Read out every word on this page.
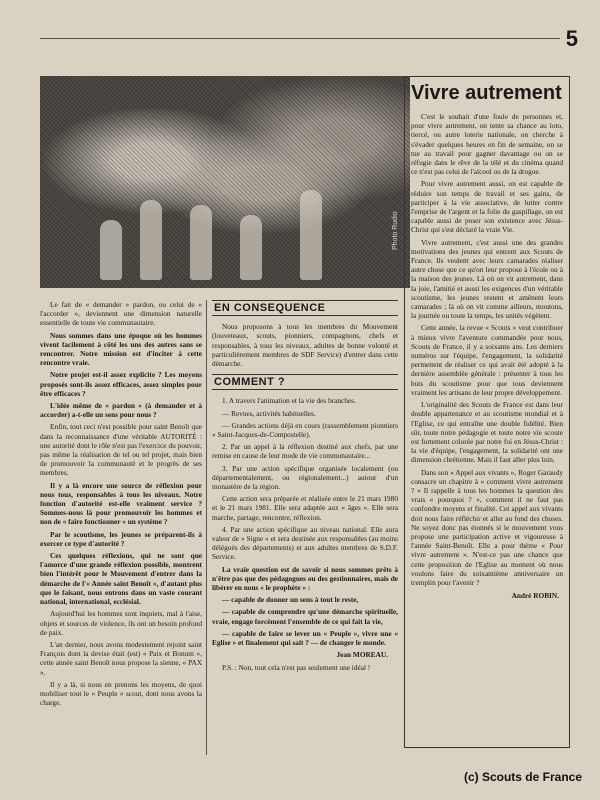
5
Photo Rudio

Le fait de « demander » pardon, ou celui de « l'accorder », deviennent une dimension naturelle essentielle de toute vie communautaire.

Nous sommes dans une époque où les hommes vivent facilement à côté les uns des autres sans se rencontrer. Notre mission est d'inciter à cette rencontre vraie.

Notre projet est-il assez explicite ? Les moyens proposés sont-ils assez efficaces, assez simples pour être efficaces ?

L'idée même de « pardon » (à demander et à accorder) a-t-elle un sens pour nous ?

Enfin, tout ceci n'est possible pour saint Benoît que dans la reconnaissance d'une véritable AUTORITÉ : une autorité dont le rôle n'est pas l'exercice du pouvoir, pas même la réalisation de tel ou tel projet, mais bien de promouvoir la communauté et le progrès de ses membres.

Il y a là encore une source de réflexion pour nous tous, responsables à tous les niveaux. Notre fonction d'autorité est-elle vraiment service ? Sommes-nous là pour promouvoir les hommes et non de « faire fonctionner » un système ?

Par le scoutisme, les jeunes se préparent-ils à exercer ce type d'autorité ?

Ces quelques réflexions, qui ne sont que l'amorce d'une grande réflexion possible, montrent bien l'intérêt pour le Mouvement d'entrer dans la démarche de l'« Année saint Benoît », d'autant plus que le faisant, nous entrons dans un vaste courant national, international, ecclésial.

Aujourd'hui les hommes sont inquiets, mal à l'aise, objets et sources de violence, ils ont un besoin profond de paix.

L'an dernier, nous avons modestement rejoint saint François dont la devise était (est) « Paix et Bonum », cette année saint Benoît nous propose la sienne, « PAX ».

Il y a là, si nous en prenons les moyens, de quoi mobiliser tout le « Peuple » scout, dont nous avons la charge.

EN CONSEQUENCE

Nous proposons à tous les membres du Mouvement (louveteaux, scouts, pionniers, compagnons, chefs et responsables, à tous les niveaux, adultes de bonne volonté et particulièrement membres de SDF Service) d'entrer dans cette démarche.

COMMENT ?

1. A travers l'animation et la vie des branches.

— Revues, activités habituelles.

— Grandes actions déjà en cours (rassemblement pionniers « Saint-Jacques-de-Compostelle).

2. Par un appel à la réflexion destiné aux chefs, par une remise en cause de leur mode de vie communautaire...

3. Par une action spécifique organisée localement (ou départementalement, ou régionalement...) autour d'un monastère de la région.

Cette action sera préparée et réalisée entre le 21 mars 1980 et le 21 mars 1981. Elle sera adaptée aux « âges ». Elle sera marche, partage, rencontre, réflexion.

4. Par une action spécifique au niveau national. Elle aura valeur de « Signe » et sera destinée aux responsables (au moins délégués des départements) et aux adultes membres de S.D.F. Service.

La vraie question est de savoir si nous sommes prêts à n'être pas que des pédagogues ou des gestionnaires, mais de libérer en nous « le prophète » :

— capable de donner un sens à tout le reste,

— capable de comprendre qu'une démarche spirituelle, vraie, engage forcément l'ensemble de ce qui fait la vie,

— capable de faire se lever un « Peuple », vivre une « Eglise » et finalement qui sait ? — de changer le monde.

Jean MOREAU.

P.S. : Non, tout cela n'est pas seulement une idéal !

Vivre autrement

C'est le souhait d'une foule de personnes et, pour vivre autrement, on tente sa chance au loto, tiercé, ou autre loterie nationale, on cherche à s'évader quelques heures en fin de semaine, on se tue au travail pour gagner davantage ou on se réfugie dans le rêve de la télé et du cinéma quand ce n'est pas celui de l'alcool ou de la drogue.

Pour vivre autrement aussi, on est capable de réduire son temps de travail et ses gains, de participer à la vie associative, de lutter contre l'emprise de l'argent et la folie du gaspillage, on est capable aussi de poser son existence avec Jésus-Christ qui s'est déclaré la vraie Vie.

Vivre autrement, c'est aussi une des grandes motivations des jeunes qui entrent aux Scouts de France. Ils veulent avec leurs camarades réaliser autre chose que ce qu'on leur propose à l'école ou à la maison des jeunes. Là où on vit autrement, dans la joie, l'amitié et aussi les exigences d'un véritable scoutisme, les jeunes restent et amènent leurs camarades ; là où on vit comme ailleurs, moutons, la journée ou toute la temps, les unités végètent.

Cette année, la revue « Scouts » veut contribuer à mieux vivre l'aventure commandée pour nous, Scouts de France, il y a soixante ans. Les derniers numéros sur l'équipe, l'engagement, la solidarité permettent de réaliser ce qui avait été adopté à la dernière assemblée générale : présenter à tous les buts du scoutisme pour que tous deviennent vraiment les artisans de leur propre développement.

L'originalité des Scouts de France est dans leur double appartenance et au scoutisme mondial et à l'Eglise, ce qui entraîne une double fidélité. Bien sûr, toute notre pédagogie et toute notre vie scoute est fortement colorée par notre foi en Jésus-Christ : la vie d'équipe, l'engagement, la solidarité ont une dimension chrétienne. Mais il faut aller plus loin.

Dans son « Appel aux vivants », Roger Garaudy consacre un chapitre à « comment vivre autrement ? » Il rappelle à tous les hommes la question des vrais « pourquoi ? », comment il ne faut pas confondre moyens et finalité. Cet appel aux vivants doit nous faire réfléchir et aller au fond des choses. Ne soyez donc pas étonnés si le mouvement vous propose une participation active et vigoureuse à l'année Saint-Benoît. Elle a pour thème « Pour vivre autrement ». N'est-ce pas une chance que cette proposition de l'Eglise au moment où nous voulons faire du soixantième anniversaire un tremplin pour l'avenir ?

André ROBIN.
(c) Scouts de France
